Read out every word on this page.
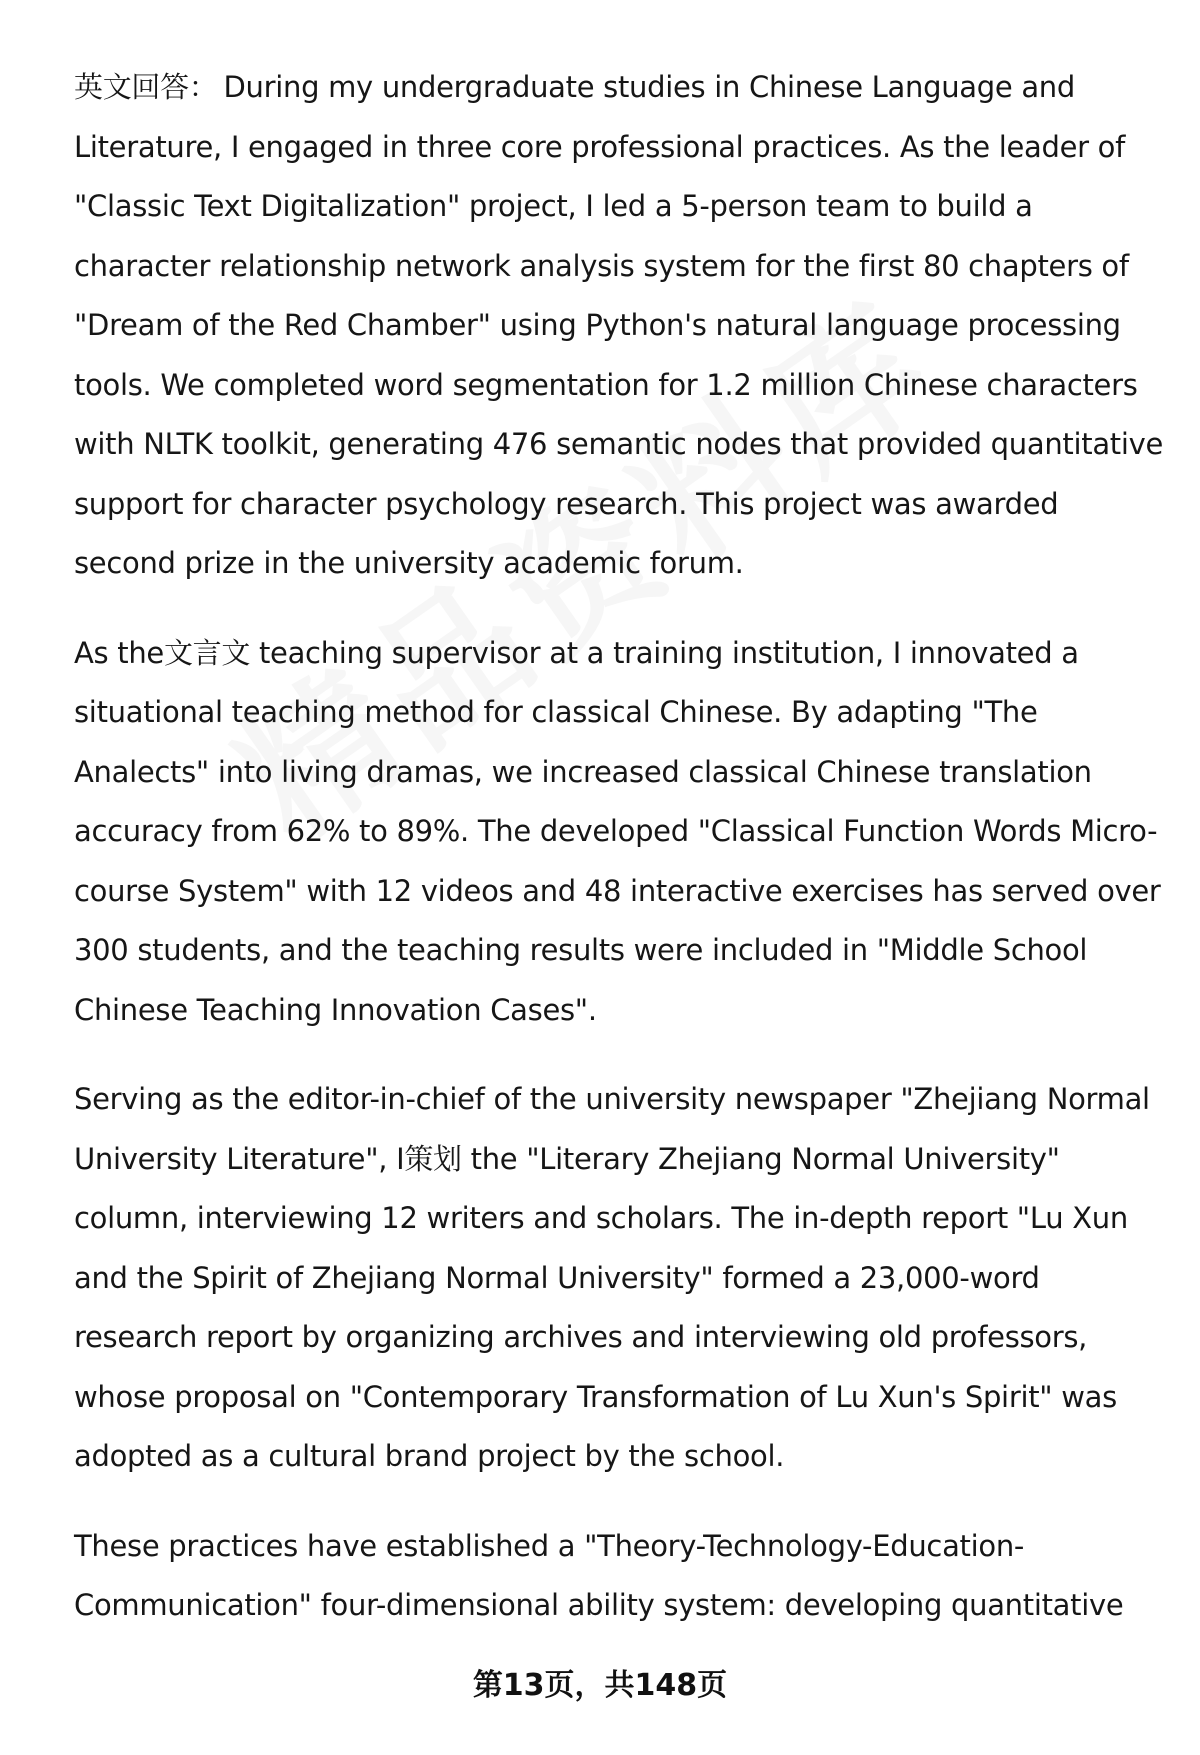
英文回答： During my undergraduate studies in Chinese Language and Literature, I engaged in three core professional practices. As the leader of "Classic Text Digitalization" project, I led a 5-person team to build a character relationship network analysis system for the first 80 chapters of "Dream of the Red Chamber" using Python's natural language processing tools. We completed word segmentation for 1.2 million Chinese characters with NLTK toolkit, generating 476 semantic nodes that provided quantitative support for character psychology research. This project was awarded second prize in the university academic forum.

As the文言文 teaching supervisor at a training institution, I innovated a situational teaching method for classical Chinese. By adapting "The Analects" into living dramas, we increased classical Chinese translation accuracy from 62% to 89%. The developed "Classical Function Words Micro-course System" with 12 videos and 48 interactive exercises has served over 300 students, and the teaching results were included in "Middle School Chinese Teaching Innovation Cases".

Serving as the editor-in-chief of the university newspaper "Zhejiang Normal University Literature", I策划 the "Literary Zhejiang Normal University" column, interviewing 12 writers and scholars. The in-depth report "Lu Xun and the Spirit of Zhejiang Normal University" formed a 23,000-word research report by organizing archives and interviewing old professors, whose proposal on "Contemporary Transformation of Lu Xun's Spirit" was adopted as a cultural brand project by the school.

These practices have established a "Theory-Technology-Education-Communication" four-dimensional ability system: developing quantitative

第13页，共148页
